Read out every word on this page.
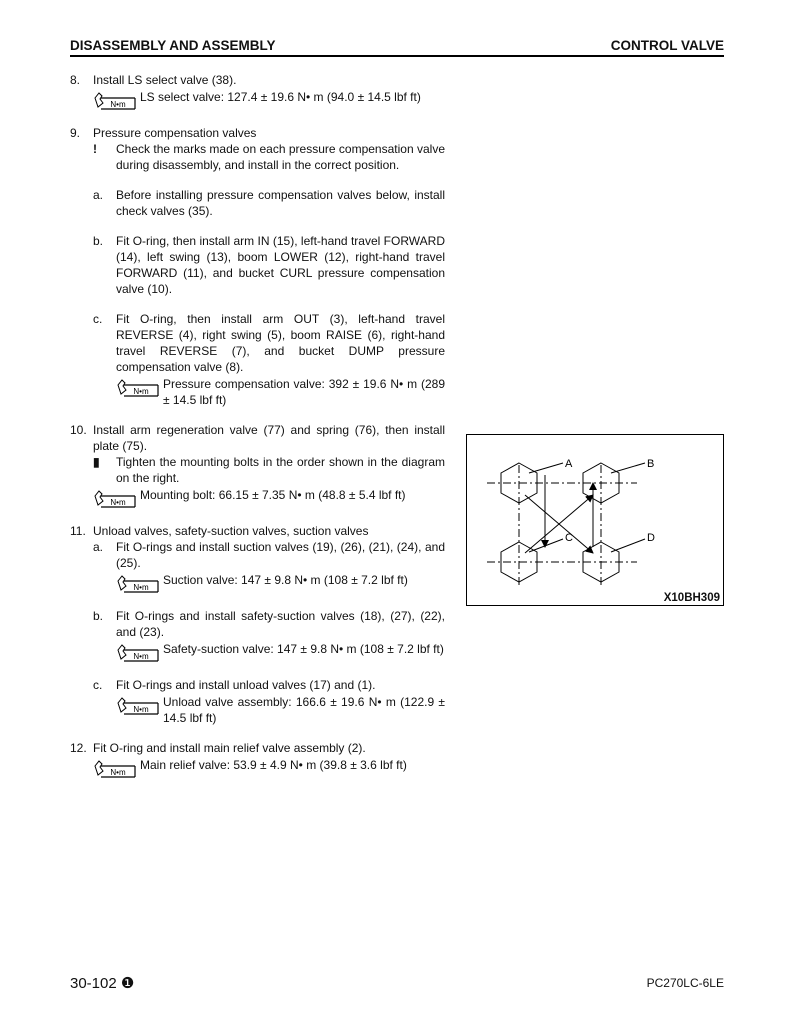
DISASSEMBLY AND ASSEMBLY	CONTROL VALVE
8. Install LS select valve (38).
N•m
LS select valve: 127.4 ± 19.6 N• m (94.0 ± 14.5 lbf ft)
9. Pressure compensation valves
! Check the marks made on each pressure compensation valve during disassembly, and install in the correct position.
a. Before installing pressure compensation valves below, install check valves (35).
b. Fit O-ring, then install arm IN (15), left-hand travel FORWARD (14), left swing (13), boom LOWER (12), right-hand travel FORWARD (11), and bucket CURL pressure compensation valve (10).
c. Fit O-ring, then install arm OUT (3), left-hand travel REVERSE (4), right swing (5), boom RAISE (6), right-hand travel REVERSE (7), and bucket DUMP pressure compensation valve (8).
N•m
Pressure compensation valve: 392 ± 19.6 N• m (289 ± 14.5 lbf ft)
10. Install arm regeneration valve (77) and spring (76), then install plate (75).
▮ Tighten the mounting bolts in the order shown in the diagram on the right.
N•m
Mounting bolt: 66.15 ± 7.35 N• m (48.8 ± 5.4 lbf ft)
11. Unload valves, safety-suction valves, suction valves
a. Fit O-rings and install suction valves (19), (26), (21), (24), and (25).
N•m
Suction valve: 147 ± 9.8 N• m (108 ± 7.2 lbf ft)
b. Fit O-rings and install safety-suction valves (18), (27), (22), and (23).
N•m
Safety-suction valve: 147 ± 9.8 N• m (108 ± 7.2 lbf ft)
c. Fit O-rings and install unload valves (17) and (1).
N•m
Unload valve assembly: 166.6 ± 19.6 N• m (122.9 ± 14.5 lbf ft)
12. Fit O-ring and install main relief valve assembly (2).
N•m
Main relief valve: 53.9 ± 4.9 N• m (39.8 ± 3.6 lbf ft)
A	B
C	D
X10BH309
30-102 ❶	PC270LC-6LE
